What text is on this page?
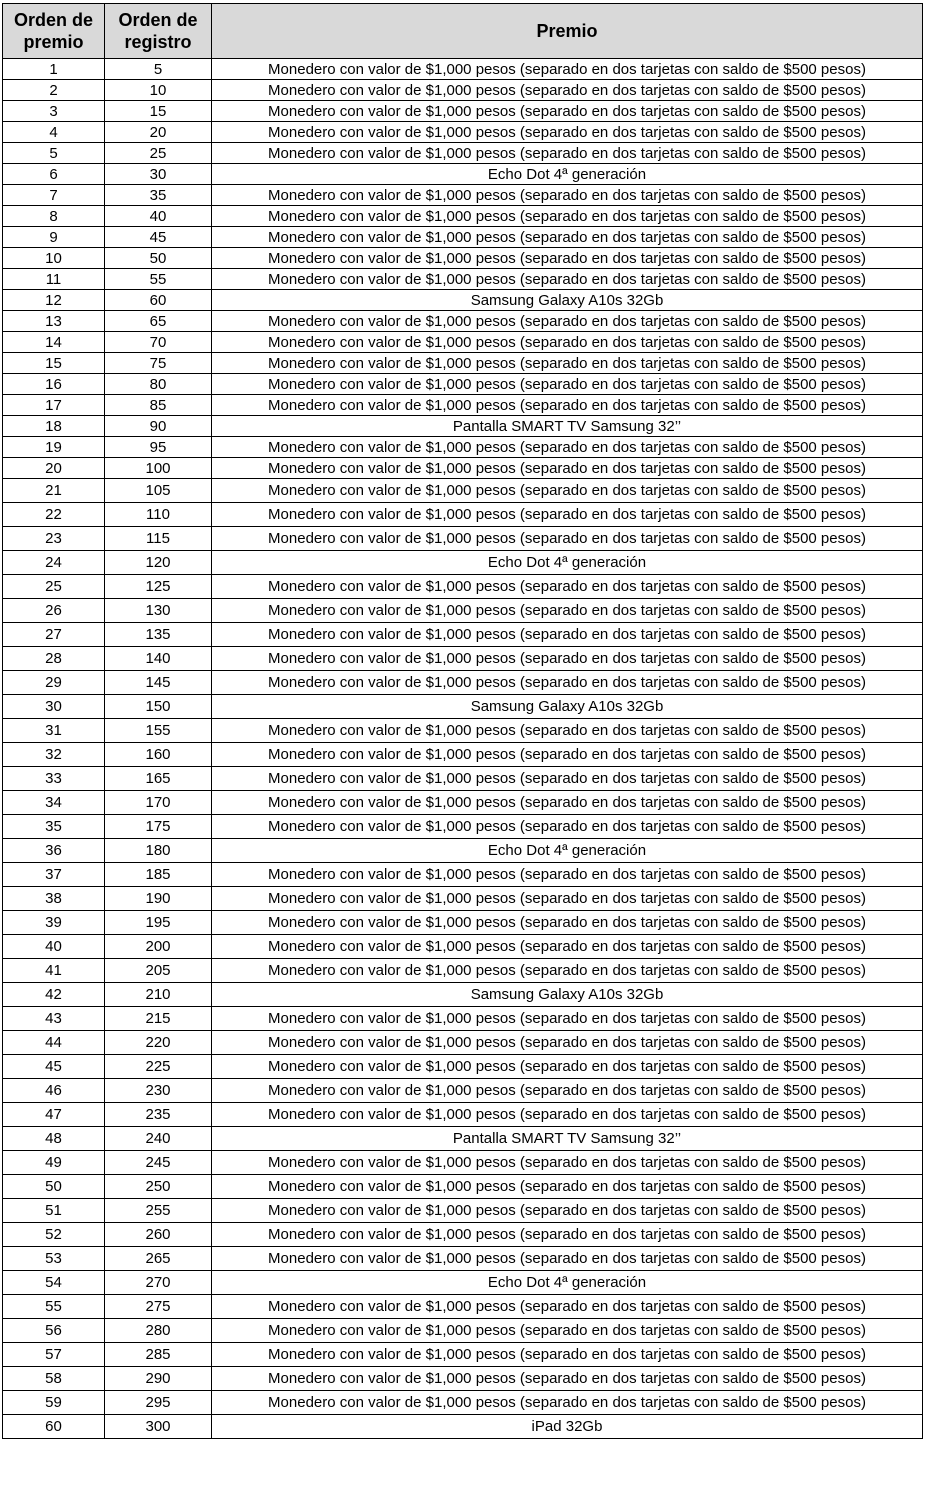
Orden de premio	Orden de registro	Premio
1	5	Monedero con valor de $1,000 pesos (separado en dos tarjetas con saldo de $500 pesos)
2	10	Monedero con valor de $1,000 pesos (separado en dos tarjetas con saldo de $500 pesos)
3	15	Monedero con valor de $1,000 pesos (separado en dos tarjetas con saldo de $500 pesos)
4	20	Monedero con valor de $1,000 pesos (separado en dos tarjetas con saldo de $500 pesos)
5	25	Monedero con valor de $1,000 pesos (separado en dos tarjetas con saldo de $500 pesos)
6	30	Echo Dot 4ª generación
7	35	Monedero con valor de $1,000 pesos (separado en dos tarjetas con saldo de $500 pesos)
8	40	Monedero con valor de $1,000 pesos (separado en dos tarjetas con saldo de $500 pesos)
9	45	Monedero con valor de $1,000 pesos (separado en dos tarjetas con saldo de $500 pesos)
10	50	Monedero con valor de $1,000 pesos (separado en dos tarjetas con saldo de $500 pesos)
11	55	Monedero con valor de $1,000 pesos (separado en dos tarjetas con saldo de $500 pesos)
12	60	Samsung Galaxy A10s 32Gb
13	65	Monedero con valor de $1,000 pesos (separado en dos tarjetas con saldo de $500 pesos)
14	70	Monedero con valor de $1,000 pesos (separado en dos tarjetas con saldo de $500 pesos)
15	75	Monedero con valor de $1,000 pesos (separado en dos tarjetas con saldo de $500 pesos)
16	80	Monedero con valor de $1,000 pesos (separado en dos tarjetas con saldo de $500 pesos)
17	85	Monedero con valor de $1,000 pesos (separado en dos tarjetas con saldo de $500 pesos)
18	90	Pantalla SMART TV Samsung 32’’
19	95	Monedero con valor de $1,000 pesos (separado en dos tarjetas con saldo de $500 pesos)
20	100	Monedero con valor de $1,000 pesos (separado en dos tarjetas con saldo de $500 pesos)
21	105	Monedero con valor de $1,000 pesos (separado en dos tarjetas con saldo de $500 pesos)
22	110	Monedero con valor de $1,000 pesos (separado en dos tarjetas con saldo de $500 pesos)
23	115	Monedero con valor de $1,000 pesos (separado en dos tarjetas con saldo de $500 pesos)
24	120	Echo Dot 4ª generación
25	125	Monedero con valor de $1,000 pesos (separado en dos tarjetas con saldo de $500 pesos)
26	130	Monedero con valor de $1,000 pesos (separado en dos tarjetas con saldo de $500 pesos)
27	135	Monedero con valor de $1,000 pesos (separado en dos tarjetas con saldo de $500 pesos)
28	140	Monedero con valor de $1,000 pesos (separado en dos tarjetas con saldo de $500 pesos)
29	145	Monedero con valor de $1,000 pesos (separado en dos tarjetas con saldo de $500 pesos)
30	150	Samsung Galaxy A10s 32Gb
31	155	Monedero con valor de $1,000 pesos (separado en dos tarjetas con saldo de $500 pesos)
32	160	Monedero con valor de $1,000 pesos (separado en dos tarjetas con saldo de $500 pesos)
33	165	Monedero con valor de $1,000 pesos (separado en dos tarjetas con saldo de $500 pesos)
34	170	Monedero con valor de $1,000 pesos (separado en dos tarjetas con saldo de $500 pesos)
35	175	Monedero con valor de $1,000 pesos (separado en dos tarjetas con saldo de $500 pesos)
36	180	Echo Dot 4ª generación
37	185	Monedero con valor de $1,000 pesos (separado en dos tarjetas con saldo de $500 pesos)
38	190	Monedero con valor de $1,000 pesos (separado en dos tarjetas con saldo de $500 pesos)
39	195	Monedero con valor de $1,000 pesos (separado en dos tarjetas con saldo de $500 pesos)
40	200	Monedero con valor de $1,000 pesos (separado en dos tarjetas con saldo de $500 pesos)
41	205	Monedero con valor de $1,000 pesos (separado en dos tarjetas con saldo de $500 pesos)
42	210	Samsung Galaxy A10s 32Gb
43	215	Monedero con valor de $1,000 pesos (separado en dos tarjetas con saldo de $500 pesos)
44	220	Monedero con valor de $1,000 pesos (separado en dos tarjetas con saldo de $500 pesos)
45	225	Monedero con valor de $1,000 pesos (separado en dos tarjetas con saldo de $500 pesos)
46	230	Monedero con valor de $1,000 pesos (separado en dos tarjetas con saldo de $500 pesos)
47	235	Monedero con valor de $1,000 pesos (separado en dos tarjetas con saldo de $500 pesos)
48	240	Pantalla SMART TV Samsung 32’’
49	245	Monedero con valor de $1,000 pesos (separado en dos tarjetas con saldo de $500 pesos)
50	250	Monedero con valor de $1,000 pesos (separado en dos tarjetas con saldo de $500 pesos)
51	255	Monedero con valor de $1,000 pesos (separado en dos tarjetas con saldo de $500 pesos)
52	260	Monedero con valor de $1,000 pesos (separado en dos tarjetas con saldo de $500 pesos)
53	265	Monedero con valor de $1,000 pesos (separado en dos tarjetas con saldo de $500 pesos)
54	270	Echo Dot 4ª generación
55	275	Monedero con valor de $1,000 pesos (separado en dos tarjetas con saldo de $500 pesos)
56	280	Monedero con valor de $1,000 pesos (separado en dos tarjetas con saldo de $500 pesos)
57	285	Monedero con valor de $1,000 pesos (separado en dos tarjetas con saldo de $500 pesos)
58	290	Monedero con valor de $1,000 pesos (separado en dos tarjetas con saldo de $500 pesos)
59	295	Monedero con valor de $1,000 pesos (separado en dos tarjetas con saldo de $500 pesos)
60	300	iPad 32Gb
